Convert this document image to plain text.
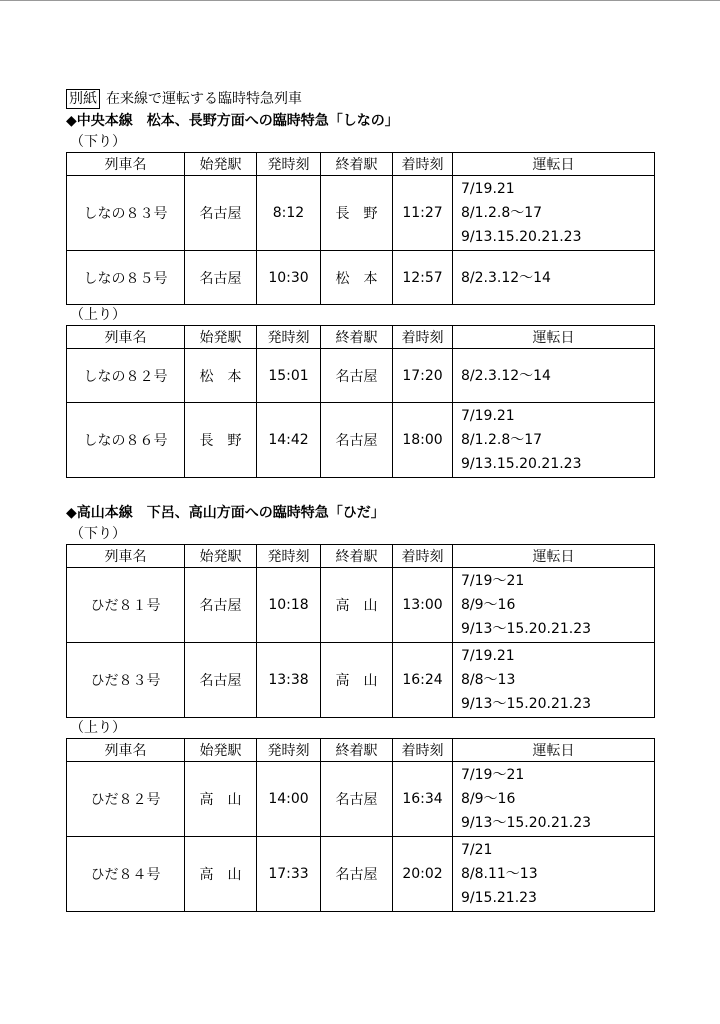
別紙 在来線で運転する臨時特急列車
◆中央本線　松本、長野方面への臨時特急「しなの」
（下り）
列車名	始発駅	発時刻	終着駅	着時刻	運転日
しなの８３号	名古屋	8:12	長　野	11:27	7/19.21
8/1.2.8～17
9/13.15.20.21.23

しなの８５号	名古屋	10:30	松　本	12:57	8/2.3.12～14
（上り）
列車名	始発駅	発時刻	終着駅	着時刻	運転日
しなの８２号	松　本	15:01	名古屋	17:20	8/2.3.12～14

しなの８６号	長　野	14:42	名古屋	18:00	7/19.21
8/1.2.8～17
9/13.15.20.21.23
◆高山本線　下呂、高山方面への臨時特急「ひだ」
（下り）
列車名	始発駅	発時刻	終着駅	着時刻	運転日
ひだ８１号	名古屋	10:18	高　山	13:00	7/19～21
8/9～16
9/13～15.20.21.23

ひだ８３号	名古屋	13:38	高　山	16:24	7/19.21
8/8～13
9/13～15.20.21.23
（上り）
列車名	始発駅	発時刻	終着駅	着時刻	運転日
ひだ８２号	高　山	14:00	名古屋	16:34	7/19～21
8/9～16
9/13～15.20.21.23

ひだ８４号	高　山	17:33	名古屋	20:02	7/21
8/8.11～13
9/15.21.23
